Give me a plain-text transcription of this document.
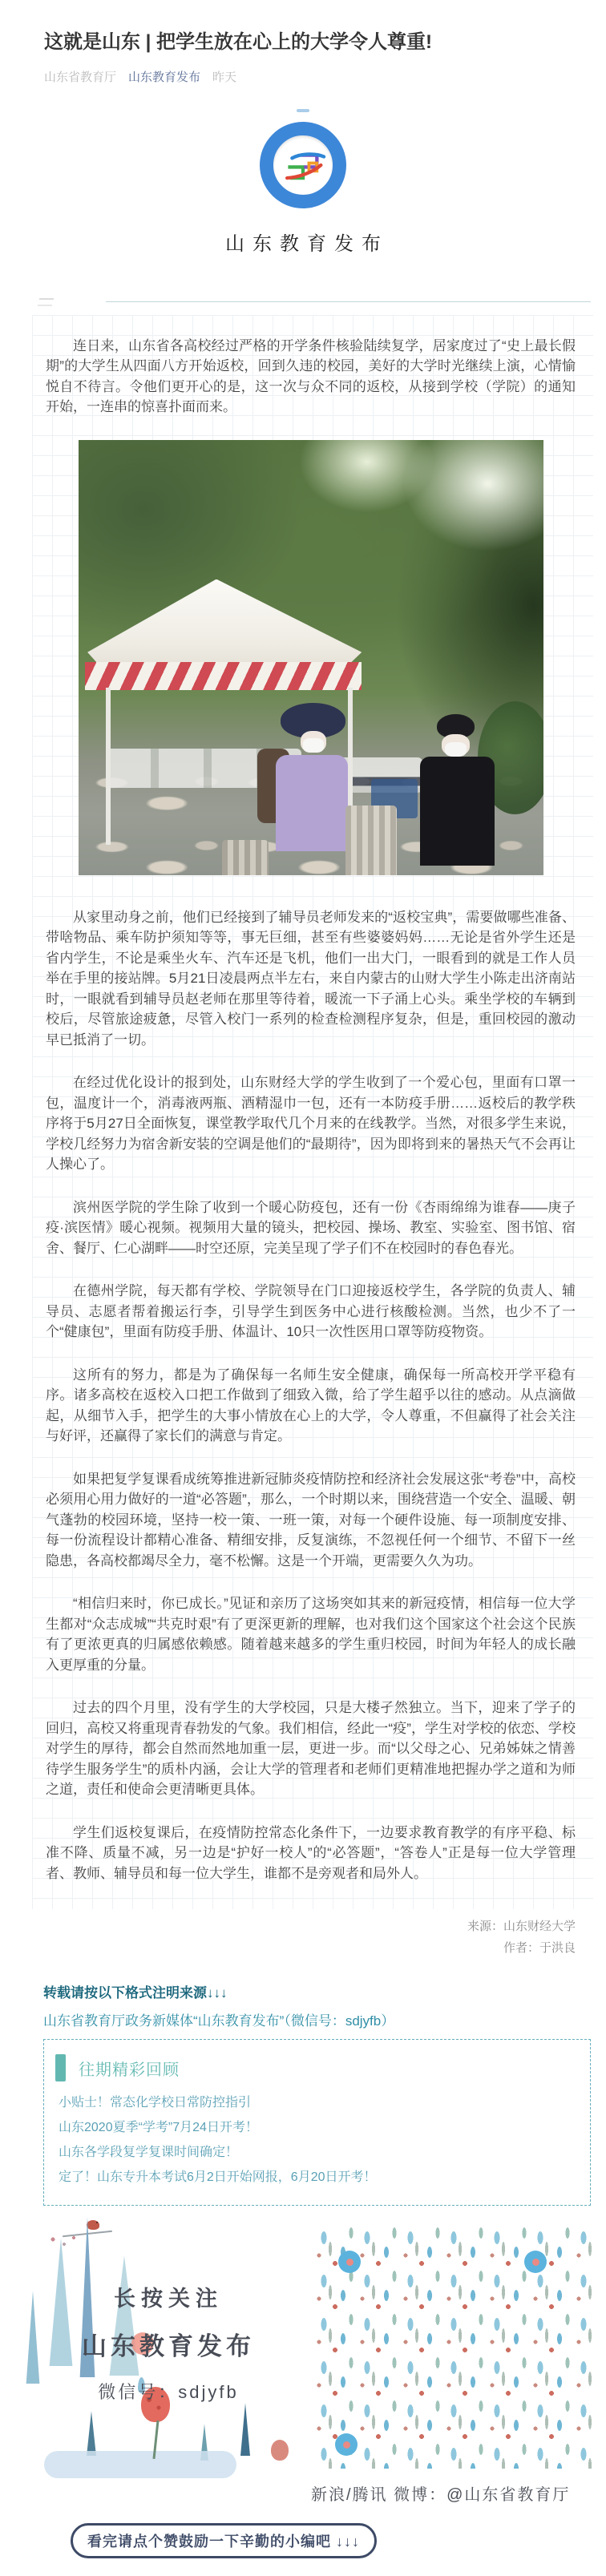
这就是山东 | 把学生放在心上的大学令人尊重!
山东省教育厅 山东教育发布 昨天
山东教育发布

连日来，山东省各高校经过严格的开学条件核验陆续复学，居家度过了“史上最长假期”的大学生从四面八方开始返校，回到久违的校园，美好的大学时光继续上演，心情愉悦自不待言。令他们更开心的是，这一次与众不同的返校，从接到学校（学院）的通知开始，一连串的惊喜扑面而来。

从家里动身之前，他们已经接到了辅导员老师发来的“返校宝典”，需要做哪些准备、带啥物品、乘车防护须知等等，事无巨细，甚至有些婆婆妈妈……无论是省外学生还是省内学生，不论是乘坐火车、汽车还是飞机，他们一出大门，一眼看到的就是工作人员举在手里的接站牌。5月21日凌晨两点半左右，来自内蒙古的山财大学生小陈走出济南站时，一眼就看到辅导员赵老师在那里等待着，暖流一下子涌上心头。乘坐学校的车辆到校后，尽管旅途疲惫，尽管入校门一系列的检查检测程序复杂，但是，重回校园的激动早已抵消了一切。

在经过优化设计的报到处，山东财经大学的学生收到了一个爱心包，里面有口罩一包，温度计一个，消毒液两瓶、酒精湿巾一包，还有一本防疫手册……返校后的教学秩序将于5月27日全面恢复，课堂教学取代几个月来的在线教学。当然，对很多学生来说，学校几经努力为宿舍新安装的空调是他们的“最期待”，因为即将到来的暑热天气不会再让人操心了。

滨州医学院的学生除了收到一个暖心防疫包，还有一份《杏雨绵绵为谁春——庚子疫·滨医情》暖心视频。视频用大量的镜头，把校园、操场、教室、实验室、图书馆、宿舍、餐厅、仁心湖畔——时空还原，完美呈现了学子们不在校园时的春色春光。

在德州学院，每天都有学校、学院领导在门口迎接返校学生，各学院的负责人、辅导员、志愿者帮着搬运行李，引导学生到医务中心进行核酸检测。当然，也少不了一个“健康包”，里面有防疫手册、体温计、10只一次性医用口罩等防疫物资。

这所有的努力，都是为了确保每一名师生安全健康，确保每一所高校开学平稳有序。诸多高校在返校入口把工作做到了细致入微，给了学生超乎以往的感动。从点滴做起，从细节入手，把学生的大事小情放在心上的大学，令人尊重，不但赢得了社会关注与好评，还赢得了家长们的满意与肯定。

如果把复学复课看成统筹推进新冠肺炎疫情防控和经济社会发展这张“考卷”中，高校必须用心用力做好的一道“必答题”，那么，一个时期以来，围绕营造一个安全、温暖、朝气蓬勃的校园环境，坚持一校一策、一班一策，对每一个硬件设施、每一项制度安排、每一份流程设计都精心准备、精细安排，反复演练，不忽视任何一个细节、不留下一丝隐患，各高校都竭尽全力，毫不松懈。这是一个开端，更需要久久为功。

“相信归来时，你已成长。”见证和亲历了这场突如其来的新冠疫情，相信每一位大学生都对“众志成城”“共克时艰”有了更深更新的理解，也对我们这个国家这个社会这个民族有了更浓更真的归属感依赖感。随着越来越多的学生重归校园，时间为年轻人的成长融入更厚重的分量。

过去的四个月里，没有学生的大学校园，只是大楼孑然独立。当下，迎来了学子的回归，高校又将重现青春勃发的气象。我们相信，经此一“疫”，学生对学校的依恋、学校对学生的厚待，都会自然而然地加重一层，更进一步。而“以父母之心、兄弟姊妹之情善待学生服务学生”的质朴内涵，会让大学的管理者和老师们更精准地把握办学之道和为师之道，责任和使命会更清晰更具体。

学生们返校复课后，在疫情防控常态化条件下，一边要求教育教学的有序平稳、标准不降、质量不减，另一边是“护好一校人”的“必答题”，“答卷人”正是每一位大学管理者、教师、辅导员和每一位大学生，谁都不是旁观者和局外人。

来源：山东财经大学
作者：于洪良
转载请按以下格式注明来源↓↓↓
山东省教育厅政务新媒体“山东教育发布”（微信号：sdjyfb）
往期精彩回顾
小贴士！常态化学校日常防控指引
山东2020夏季“学考”7月24日开考！
山东各学段复学复课时间确定！
定了！山东专升本考试6月2日开始网报，6月20日开考！
长按关注
山东教育发布
微信号：sdjyfb
新浪/腾讯 微博：@山东省教育厅
看完请点个赞鼓励一下辛勤的小编吧 ↓↓↓
